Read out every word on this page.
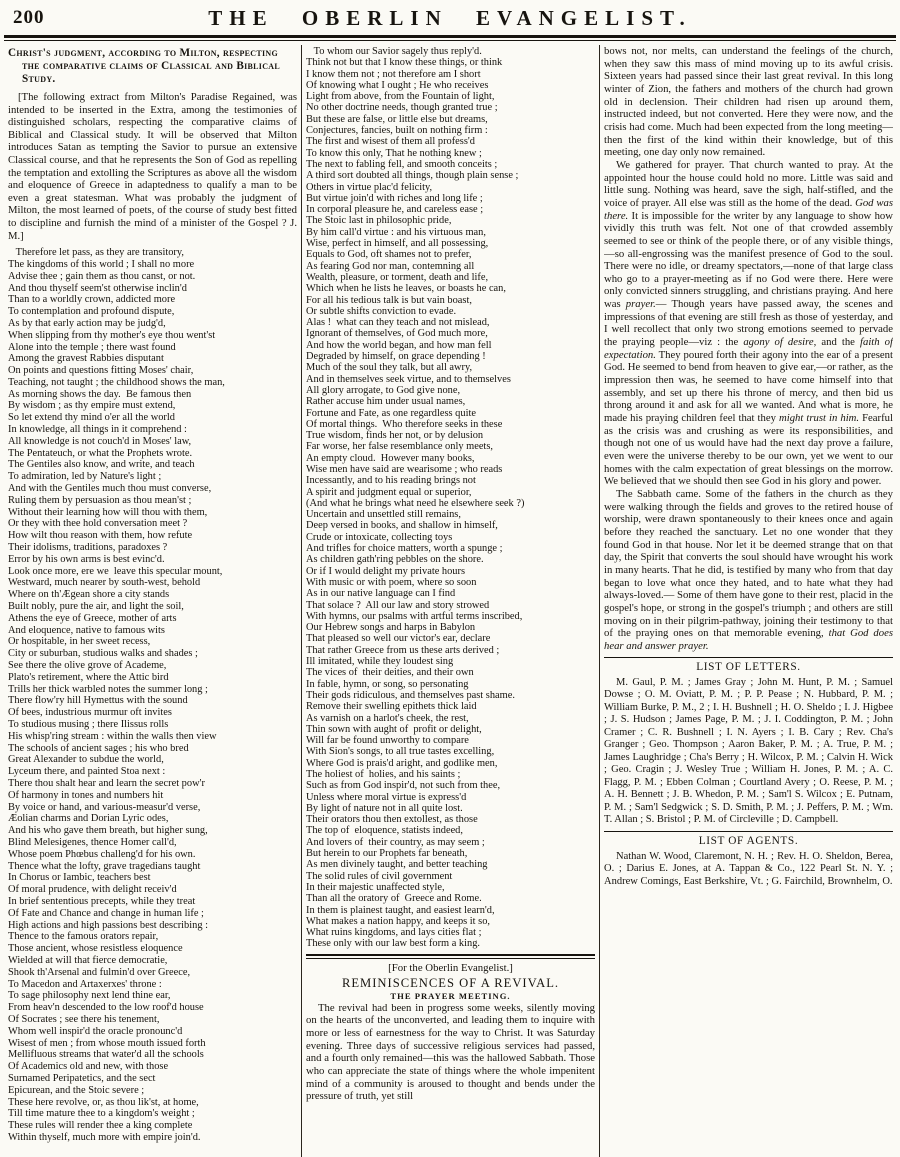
200	THE OBERLIN EVANGELIST.
Christ's judgment, according to Milton, respecting the comparative claims of Classical and Biblical Study.
[The following extract from Milton's Paradise Regained, was intended to be inserted in the Extra, among the testimonies of distinguished scholars, respecting the comparative claims of Biblical and Classical study. It will be observed that Milton introduces Satan as tempting the Savior to pursue an extensive Classical course, and that he represents the Son of God as repelling the temptation and extolling the Scriptures as above all the wisdom and eloquence of Greece in adaptedness to qualify a man to be even a great statesman. What was probably the judgment of Milton, the most learned of poets, of the course of study best fitted to discipline and furnish the mind of a minister of the Gospel ? J. M.]
Therefore let pass, as they are transitory,
The kingdoms of this world ; I shall no more
Advise thee ; gain them as thou canst, or not.
And thou thyself seem'st otherwise inclin'd
Than to a worldly crown, addicted more
To contemplation and profound dispute,
As by that early action may be judg'd,
When slipping from thy mother's eye thou went'st
Alone into the temple ; there wast found
Among the gravest Rabbies disputant
On points and questions fitting Moses' chair,
Teaching, not taught ; the childhood shows the man,
As morning shows the day.  Be famous then
By wisdom ; as thy empire must extend,
So let extend thy mind o'er all the world
In knowledge, all things in it comprehend :
All knowledge is not couch'd in Moses' law,
The Pentateuch, or what the Prophets wrote.
The Gentiles also know, and write, and teach
To admiration, led by Nature's light ;
And with the Gentiles much thou must converse,
Ruling them by persuasion as thou mean'st ;
Without their learning how will thou with them,
Or they with thee hold conversation meet ?
How wilt thou reason with them, how refute
Their idolisms, traditions, paradoxes ?
Error by his own arms is best evinc'd.
Look once more, ere we  leave this specular mount,
Westward, much nearer by south-west, behold
Where on th'Ægean shore a city stands
Built nobly, pure the air, and light the soil,
Athens the eye of Greece, mother of arts
And eloquence, native to famous wits
Or hospitable, in her sweet recess,
City or suburban, studious walks and shades ;
See there the olive grove of Academe,
Plato's retirement, where the Attic bird
Trills her thick warbled notes the summer long ;
There flow'ry hill Hymettus with the sound
Of bees, industrious murmur oft invites
To studious musing ; there Ilissus rolls
His whisp'ring stream : within the walls then view
The schools of ancient sages ; his who bred
Great Alexander to subdue the world,
Lyceum there, and painted Stoa next :
There thou shalt hear and learn the secret pow'r
Of harmony in tones and numbers hit
By voice or hand, and various-measur'd verse,
Æolian charms and Dorian Lyric odes,
And his who gave them breath, but higher sung,
Blind Melesigenes, thence Homer call'd,
Whose poem Phœbus challeng'd for his own.
Thence what the lofty, grave tragedians taught
In Chorus or Iambic, teachers best
Of moral prudence, with delight receiv'd
In brief sententious precepts, while they treat
Of Fate and Chance and change in human life ;
High actions and high passions best describing :
Thence to the famous orators repair,
Those ancient, whose resistless eloquence
Wielded at will that fierce democratie,
Shook th'Arsenal and fulmin'd over Greece,
To Macedon and Artaxerxes' throne :
To sage philosophy next lend thine ear,
From heav'n descended to the low roof'd house
Of Socrates ; see there his tenement,
Whom well inspir'd the oracle pronounc'd
Wisest of men ; from whose mouth issued forth
Mellifluous streams that water'd all the schools
Of Academics old and new, with those
Surnamed Peripatetics, and the sect
Epicurean, and the Stoic severe ;
These here revolve, or, as thou lik'st, at home,
Till time mature thee to a kingdom's weight ;
These rules will render thee a king complete
Within thyself, much more with empire join'd.
To whom our Savior sagely thus reply'd.
Think not but that I know these things, or think
I know them not ; not therefore am I short
Of knowing what I ought ; He who receives
Light from above, from the Fountain of light,
No other doctrine needs, though granted true ;
But these are false, or little else but dreams,
Conjectures, fancies, built on nothing firm :
The first and wisest of them all profess'd
To know this only, That he nothing knew ;
The next to fabling fell, and smooth conceits ;
A third sort doubted all things, though plain sense ;
Others in virtue plac'd felicity,
But virtue join'd with riches and long life ;
In corporal pleasure he, and careless ease ;
The Stoic last in philosophic pride,
By him call'd virtue : and his virtuous man,
Wise, perfect in himself, and all possessing,
Equals to God, oft shames not to prefer,
As fearing God nor man, contemning all
Wealth, pleasure, or torment, death and life,
Which when he lists he leaves, or boasts he can,
For all his tedious talk is but vain boast,
Or subtle shifts conviction to evade.
Alas !  what can they teach and not mislead,
Ignorant of themselves, of God much more,
And how the world began, and how man fell
Degraded by himself, on grace depending !
Much of the soul they talk, but all awry,
And in themselves seek virtue, and to themselves
All glory arrogate, to God give none,
Rather accuse him under usual names,
Fortune and Fate, as one regardless quite
Of mortal things.  Who therefore seeks in these
True wisdom, finds her not, or by delusion
Far worse, her false resemblance only meets,
An empty cloud.  However many books,
Wise men have said are wearisome ; who reads
Incessantly, and to his reading brings not
A spirit and judgment equal or superior,
(And what he brings what need he elsewhere seek ?)
Uncertain and unsettled still remains,
Deep versed in books, and shallow in himself,
Crude or intoxicate, collecting toys
And trifles for choice matters, worth a spunge ;
As children gath'ring pebbles on the shore.
Or if I would delight my private hours
With music or with poem, where so soon
As in our native language can I find
That solace ?  All our law and story strowed
With hymns, our psalms with artful terms inscribed,
Our Hebrew songs and harps in Babylon
That pleased so well our victor's ear, declare
That rather Greece from us these arts derived ;
Ill imitated, while they loudest sing
The vices of  their deities, and their own
In fable, hymn, or song, so personating
Their gods ridiculous, and themselves past shame.
Remove their swelling epithets thick laid
As varnish on a harlot's cheek, the rest,
Thin sown with aught of  profit or delight,
Will far be found unworthy to compare
With Sion's songs, to all true tastes excelling,
Where God is prais'd aright, and godlike men,
The holiest of  holies, and his saints ;
Such as from God inspir'd, not such from thee,
Unless where moral virtue is express'd
By light of nature not in all quite lost.
Their orators thou then extollest, as those
The top of  eloquence, statists indeed,
And lovers of  their country, as may seem ;
But herein to our Prophets far beneath,
As men divinely taught, and better teaching
The solid rules of civil government
In their majestic unaffected style,
Than all the oratory of  Greece and Rome.
In them is plainest taught, and easiest learn'd,
What makes a nation happy, and keeps it so,
What ruins kingdoms, and lays cities flat ;
These only with our law best form a king.
[For the Oberlin Evangelist.]
REMINISCENCES OF A REVIVAL.
THE PRAYER MEETING.

The revival had been in progress some weeks, silently moving on the hearts of the unconverted, and leading them to inquire with more or less of earnestness for the way to Christ. It was Saturday evening. Three days of successive religious services had passed, and a fourth only remained—this was the hallowed Sabbath. Those who can appreciate the state of things where the whole impenitent mind of a community is aroused to thought and bends under the pressure of truth, yet still

bows not, nor melts, can understand the feelings of the church, when they saw this mass of mind moving up to its awful crisis. Sixteen years had passed since their last great revival. In this long winter of Zion, the fathers and mothers of the church had grown old in declension. Their children had risen up around them, instructed indeed, but not converted. Here they were now, and the crisis had come. Much had been expected from the long meeting—then the first of the kind within their knowledge, but of this meeting, one day only now remained.

We gathered for prayer. That church wanted to pray. At the appointed hour the house could hold no more. Little was said and little sung. Nothing was heard, save the sigh, half-stifled, and the voice of prayer. All else was still as the home of the dead. God was there. It is impossible for the writer by any language to show how vividly this truth was felt. Not one of that crowded assembly seemed to see or think of the people there, or of any visible things,—so all-engrossing was the manifest presence of God to the soul. There were no idle, or dreamy spectators,—none of that large class who go to a prayer-meeting as if no God were there. Here were only convicted sinners struggling, and christians praying. And here was prayer.— Though years have passed away, the scenes and impressions of that evening are still fresh as those of yesterday, and I well recollect that only two strong emotions seemed to pervade the praying people—viz : the agony of desire, and the faith of expectation. They poured forth their agony into the ear of a present God. He seemed to bend from heaven to give ear,—or rather, as the impression then was, he seemed to have come himself into that assembly, and set up there his throne of mercy, and then bid us throng around it and ask for all we wanted. And what is more, he made his praying children feel that they might trust in him. Fearful as the crisis was and crushing as were its responsibilities, and though not one of us would have had the next day prove a failure, even were the universe thereby to be our own, yet we went to our homes with the calm expectation of great blessings on the morrow. We believed that we should then see God in his glory and power.

The Sabbath came. Some of the fathers in the church as they were walking through the fields and groves to the retired house of worship, were drawn spontaneously to their knees once and again before they reached the sanctuary. Let no one wonder that they found God in that house. Nor let it be deemed strange that on that day, the Spirit that converts the soul should have wrought his work in many hearts. That he did, is testified by many who from that day began to love what once they hated, and to hate what they had always-loved.— Some of them have gone to their rest, placid in the gospel's hope, or strong in the gospel's triumph ; and others are still moving on in their pilgrim-pathway, joining their testimony to that of the praying ones on that memorable evening, that God does hear and answer prayer.

LIST OF LETTERS.

M. Gaul, P. M. ; James Gray ; John M. Hunt, P. M. ; Samuel Dowse ; O. M. Oviatt, P. M. ; P. P. Pease ; N. Hubbard, P. M. ; William Burke, P. M., 2 ; I. H. Bushnell ; H. O. Sheldo ; I. J. Higbee ; J. S. Hudson ; James Page, P. M. ; J. I. Coddington, P. M. ; John Cramer ; C. R. Bushnell ; I. N. Ayers ; I. B. Cary ; Rev. Cha's Granger ; Geo. Thompson ; Aaron Baker, P. M. ; A. True, P. M. ; James Laughridge ; Cha's Berry ; H. Wilcox, P. M. ; Calvin H. Wick ; Geo. Cragin ; J. Wesley True ; William H. Jones, P. M. ; A. C. Flagg, P. M. ; Ebben Colman ; Courtland Avery ; O. Reese, P. M. ; A. H. Bennett ; J. B. Whedon, P. M. ; Sam'l S. Wilcox ; E. Putnam, P. M. ; Sam'l Sedgwick ; S. D. Smith, P. M. ; J. Peffers, P. M. ; Wm. T. Allan ; S. Bristol ; P. M. of Circleville ; D. Campbell.

LIST OF AGENTS.

Nathan W. Wood, Claremont, N. H. ; Rev. H. O. Sheldon, Berea, O. ; Darius E. Jones, at A. Tappan & Co., 122 Pearl St. N. Y. ; Andrew Comings, East Berkshire, Vt. ; G. Fairchild, Brownhelm, O.
